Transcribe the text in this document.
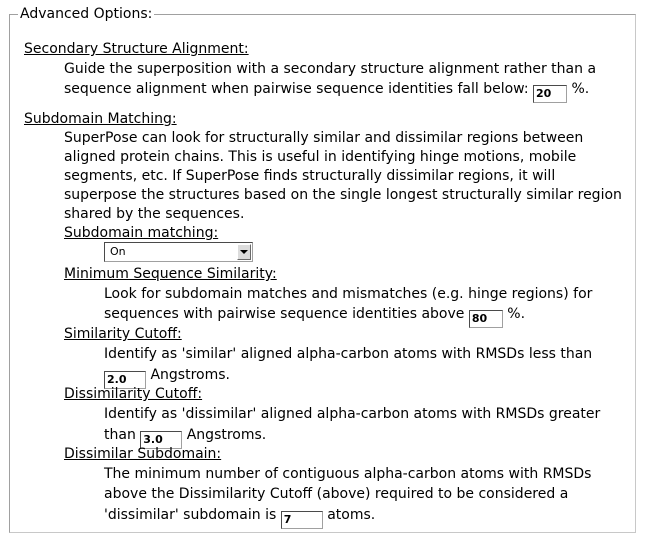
Advanced Options:
Secondary Structure Alignment:
Guide the superposition with a secondary structure alignment rather than a
sequence alignment when pairwise sequence identities fall below: 20 %.
Subdomain Matching:
SuperPose can look for structurally similar and dissimilar regions between
aligned protein chains. This is useful in identifying hinge motions, mobile
segments, etc. If SuperPose finds structurally dissimilar regions, it will
superpose the structures based on the single longest structurally similar region
shared by the sequences.
Subdomain matching:
On
Minimum Sequence Similarity:
Look for subdomain matches and mismatches (e.g. hinge regions) for
sequences with pairwise sequence identities above 80 %.
Similarity Cutoff:
Identify as 'similar' aligned alpha-carbon atoms with RMSDs less than
2.0 Angstroms.
Dissimilarity Cutoff:
Identify as 'dissimilar' aligned alpha-carbon atoms with RMSDs greater
than 3.0 Angstroms.
Dissimilar Subdomain:
The minimum number of contiguous alpha-carbon atoms with RMSDs
above the Dissimilarity Cutoff (above) required to be considered a
'dissimilar' subdomain is 7	atoms.
